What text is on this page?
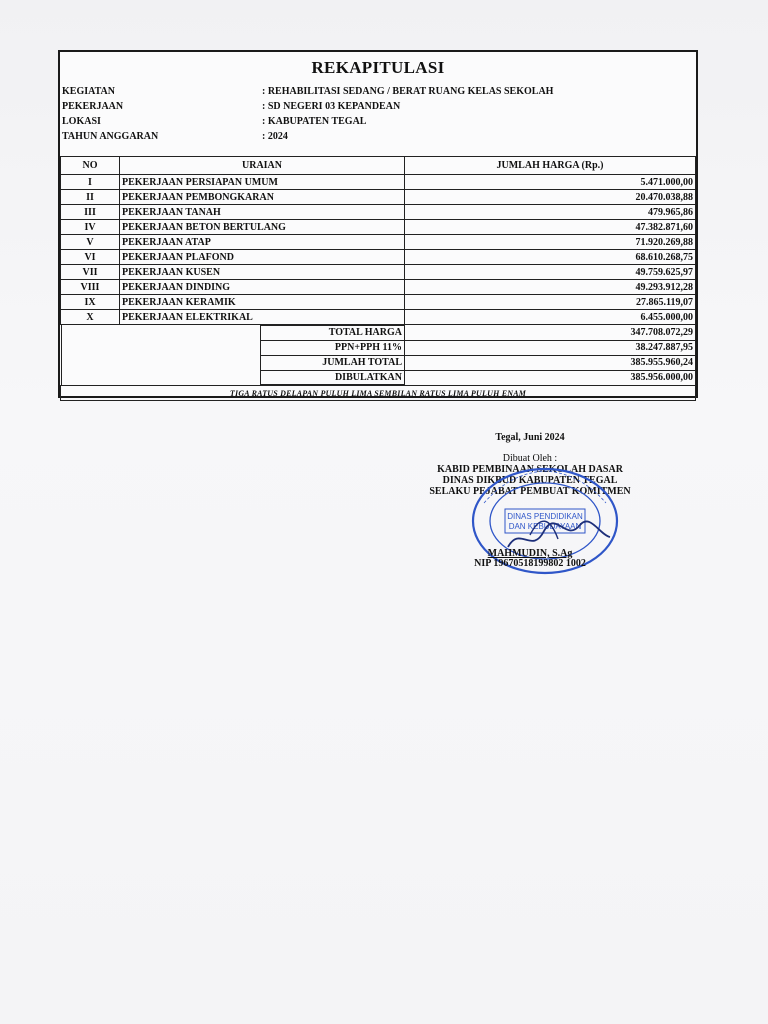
REKAPITULASI
KEGIATAN	: REHABILITASI SEDANG / BERAT RUANG KELAS SEKOLAH
PEKERJAAN	: SD NEGERI 03 KEPANDEAN
LOKASI	: KABUPATEN TEGAL
TAHUN ANGGARAN	: 2024
NO	URAIAN	JUMLAH HARGA (Rp.)
I	PEKERJAAN PERSIAPAN UMUM	5.471.000,00
II	PEKERJAAN PEMBONGKARAN	20.470.038,88
III	PEKERJAAN TANAH	479.965,86
IV	PEKERJAAN BETON BERTULANG	47.382.871,60
V	PEKERJAAN ATAP	71.920.269,88
VI	PEKERJAAN PLAFOND	68.610.268,75
VII	PEKERJAAN KUSEN	49.759.625,97
VIII	PEKERJAAN DINDING	49.293.912,28
IX	PEKERJAAN KERAMIK	27.865.119,07
X	PEKERJAAN ELEKTRIKAL	6.455.000,00

TOTAL HARGA		347.708.072,29

PPN+PPH 11%		38.247.887,95

JUMLAH TOTAL		385.955.960,24

DIBULATKAN		385.956.000,00
TIGA RATUS DELAPAN PULUH LIMA SEMBILAN RATUS LIMA PULUH ENAM		
Tegal, Juni 2024
Dibuat Oleh :
KABID PEMBINAAN SEKOLAH DASAR
DINAS DIKBUD KABUPATEN TEGAL
SELAKU PEJABAT PEMBUAT KOMITMEN
DINAS PENDIDIKAN
DAN KEBUDAYAAN
MAHMUDIN, S.Ag
NIP 19670518199802 1002
